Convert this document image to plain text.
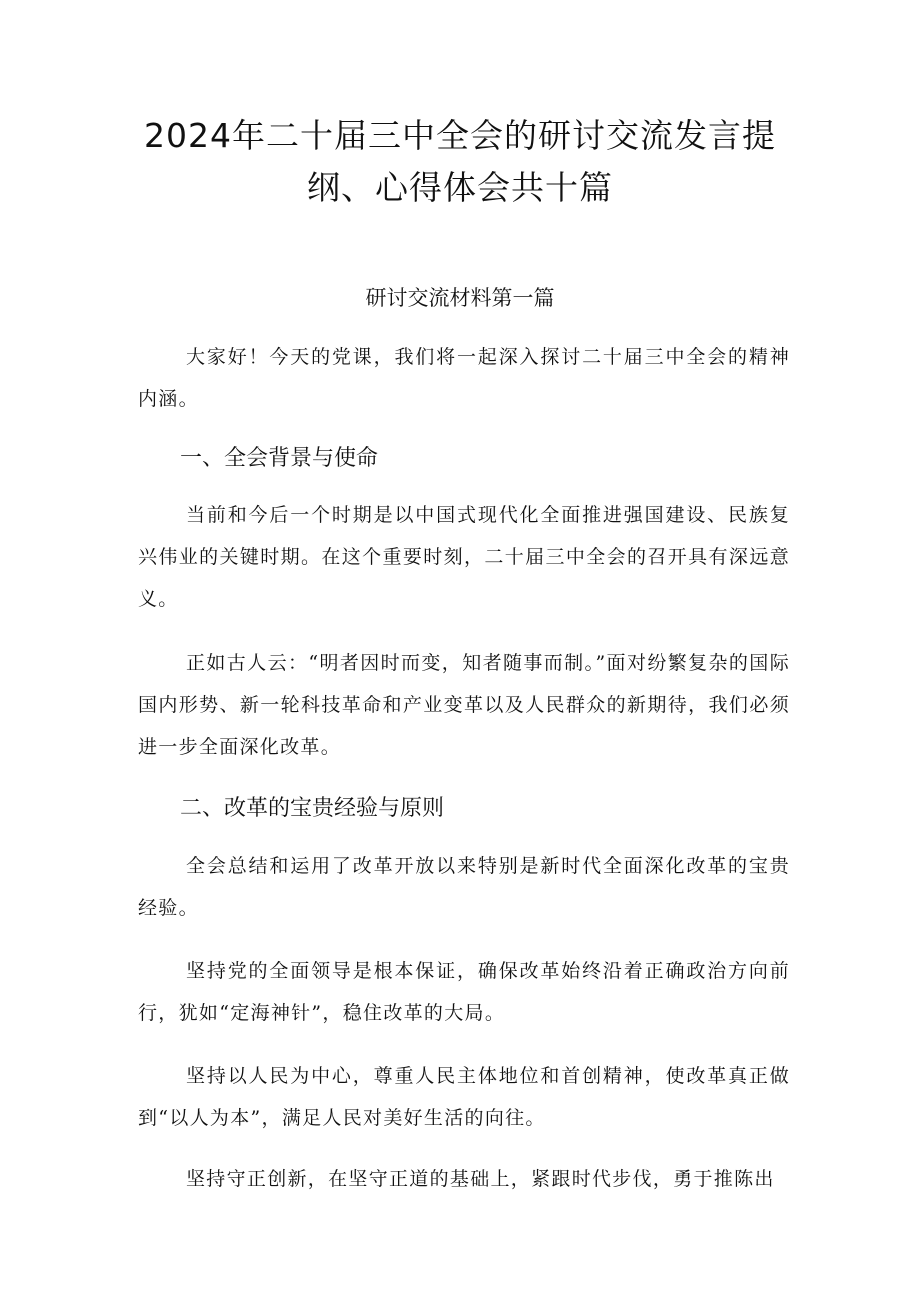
2024年二十届三中全会的研讨交流发言提纲、心得体会共十篇
研讨交流材料第一篇

大家好！今天的党课，我们将一起深入探讨二十届三中全会的精神内涵。

一、全会背景与使命

当前和今后一个时期是以中国式现代化全面推进强国建设、民族复兴伟业的关键时期。在这个重要时刻，二十届三中全会的召开具有深远意义。

正如古人云：“明者因时而变，知者随事而制。”面对纷繁复杂的国际国内形势、新一轮科技革命和产业变革以及人民群众的新期待，我们必须进一步全面深化改革。

二、改革的宝贵经验与原则

全会总结和运用了改革开放以来特别是新时代全面深化改革的宝贵经验。

坚持党的全面领导是根本保证，确保改革始终沿着正确政治方向前行，犹如“定海神针”，稳住改革的大局。

坚持以人民为中心，尊重人民主体地位和首创精神，使改革真正做到“以人为本”，满足人民对美好生活的向往。

坚持守正创新，在坚守正道的基础上，紧跟时代步伐，勇于推陈出
